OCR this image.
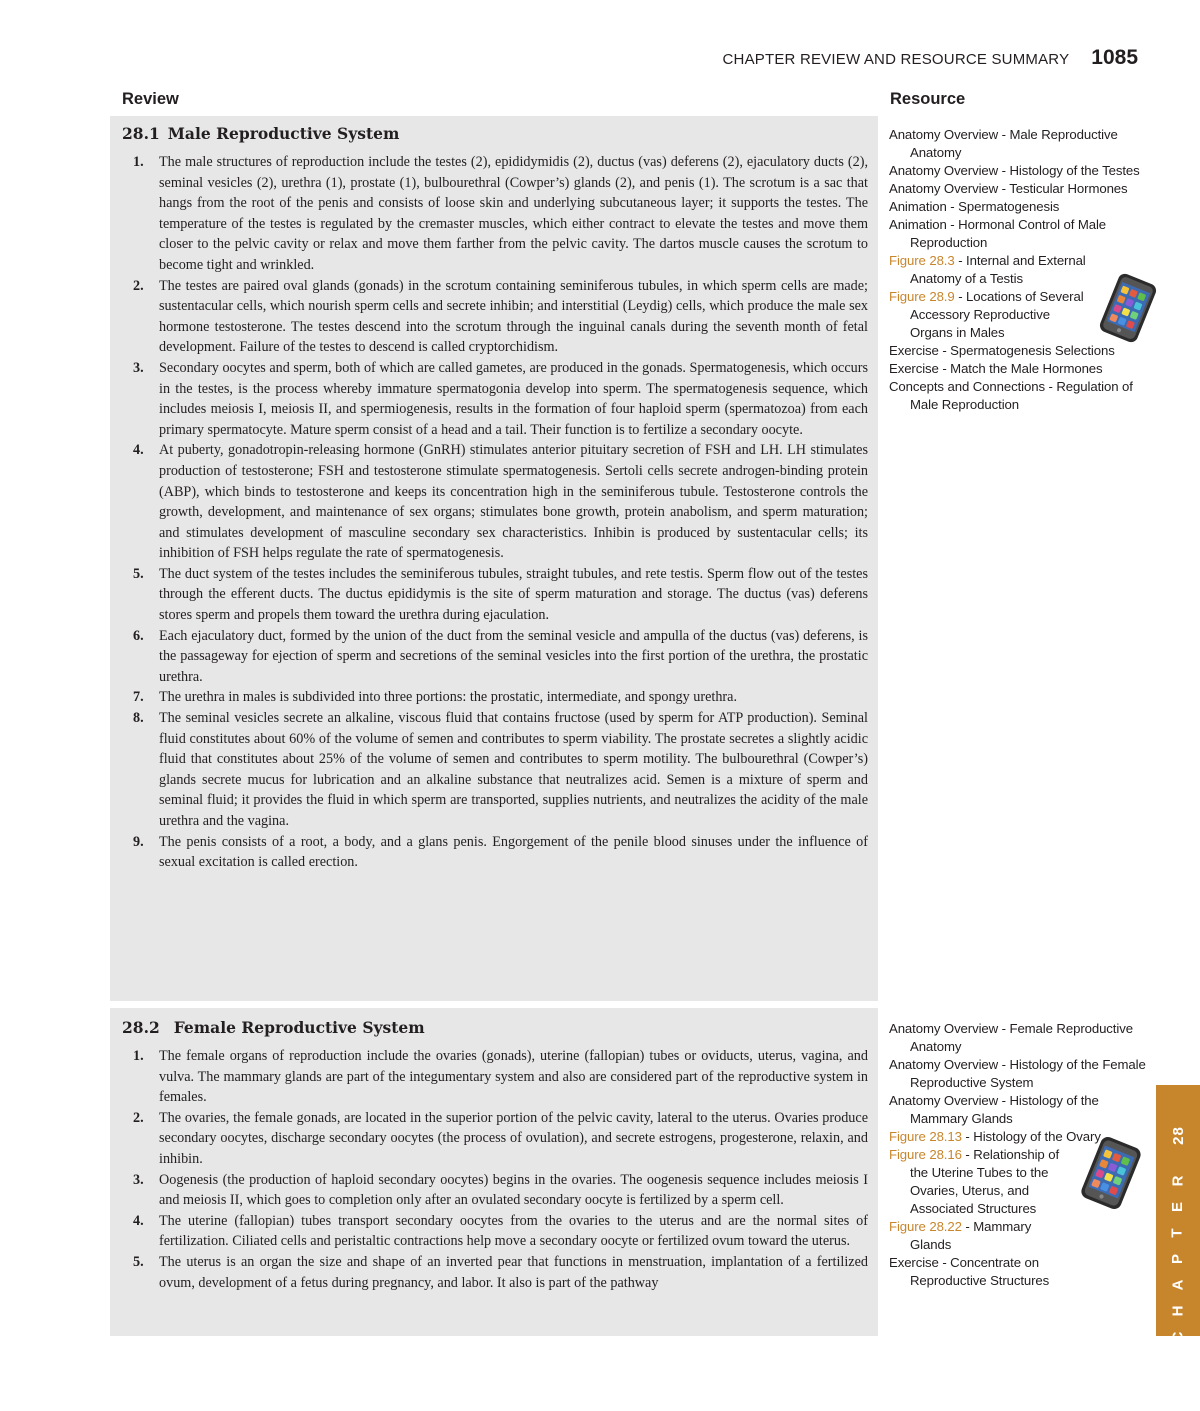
CHAPTER REVIEW AND RESOURCE SUMMARY 1085
Review	Resource
28.1 Male Reproductive System
1. The male structures of reproduction include the testes (2), epididymidis (2), ductus (vas) deferens (2), ejaculatory ducts (2), seminal vesicles (2), urethra (1), prostate (1), bulbourethral (Cowper’s) glands (2), and penis (1). The scrotum is a sac that hangs from the root of the penis and consists of loose skin and underlying subcutaneous layer; it supports the testes. The temperature of the testes is regulated by the cremaster muscles, which either contract to elevate the testes and move them closer to the pelvic cavity or relax and move them farther from the pelvic cavity. The dartos muscle causes the scrotum to become tight and wrinkled.
2. The testes are paired oval glands (gonads) in the scrotum containing seminiferous tubules, in which sperm cells are made; sustentacular cells, which nourish sperm cells and secrete inhibin; and interstitial (Leydig) cells, which produce the male sex hormone testosterone. The testes descend into the scrotum through the inguinal canals during the seventh month of fetal development. Failure of the testes to descend is called cryptorchidism.
3. Secondary oocytes and sperm, both of which are called gametes, are produced in the gonads. Spermatogenesis, which occurs in the testes, is the process whereby immature spermatogonia develop into sperm. The spermatogenesis sequence, which includes meiosis I, meiosis II, and spermiogenesis, results in the formation of four haploid sperm (spermatozoa) from each primary spermatocyte. Mature sperm consist of a head and a tail. Their function is to fertilize a secondary oocyte.
4. At puberty, gonadotropin-releasing hormone (GnRH) stimulates anterior pituitary secretion of FSH and LH. LH stimulates production of testosterone; FSH and testosterone stimulate spermatogenesis. Sertoli cells secrete androgen-binding protein (ABP), which binds to testosterone and keeps its concentration high in the seminiferous tubule. Testosterone controls the growth, development, and maintenance of sex organs; stimulates bone growth, protein anabolism, and sperm maturation; and stimulates development of masculine secondary sex characteristics. Inhibin is produced by sustentacular cells; its inhibition of FSH helps regulate the rate of spermatogenesis.
5. The duct system of the testes includes the seminiferous tubules, straight tubules, and rete testis. Sperm flow out of the testes through the efferent ducts. The ductus epididymis is the site of sperm maturation and storage. The ductus (vas) deferens stores sperm and propels them toward the urethra during ejaculation.
6. Each ejaculatory duct, formed by the union of the duct from the seminal vesicle and ampulla of the ductus (vas) deferens, is the passageway for ejection of sperm and secretions of the seminal vesicles into the first portion of the urethra, the prostatic urethra.
7. The urethra in males is subdivided into three portions: the prostatic, intermediate, and spongy urethra.
8. The seminal vesicles secrete an alkaline, viscous fluid that contains fructose (used by sperm for ATP production). Seminal fluid constitutes about 60% of the volume of semen and contributes to sperm viability. The prostate secretes a slightly acidic fluid that constitutes about 25% of the volume of semen and contributes to sperm motility. The bulbourethral (Cowper’s) glands secrete mucus for lubrication and an alkaline substance that neutralizes acid. Semen is a mixture of sperm and seminal fluid; it provides the fluid in which sperm are transported, supplies nutrients, and neutralizes the acidity of the male urethra and the vagina.
9. The penis consists of a root, a body, and a glans penis. Engorgement of the penile blood sinuses under the influence of sexual excitation is called erection.

Anatomy Overview - Male Reproductive Anatomy

Anatomy Overview - Histology of the Testes

Anatomy Overview - Testicular Hormones

Animation - Spermatogenesis

Animation - Hormonal Control of Male Reproduction

Figure 28.3 - Internal and External Anatomy of a Testis

Figure 28.9 - Locations of Several Accessory Reproductive Organs in Males

Exercise - Spermatogenesis Selections

Exercise - Match the Male Hormones

Concepts and Connections - Regulation of Male Reproduction

28.2 Female Reproductive System
1. The female organs of reproduction include the ovaries (gonads), uterine (fallopian) tubes or oviducts, uterus, vagina, and vulva. The mammary glands are part of the integumentary system and also are considered part of the reproductive system in females.
2. The ovaries, the female gonads, are located in the superior portion of the pelvic cavity, lateral to the uterus. Ovaries produce secondary oocytes, discharge secondary oocytes (the process of ovulation), and secrete estrogens, progesterone, relaxin, and inhibin.
3. Oogenesis (the production of haploid secondary oocytes) begins in the ovaries. The oogenesis sequence includes meiosis I and meiosis II, which goes to completion only after an ovulated secondary oocyte is fertilized by a sperm cell.
4. The uterine (fallopian) tubes transport secondary oocytes from the ovaries to the uterus and are the normal sites of fertilization. Ciliated cells and peristaltic contractions help move a secondary oocyte or fertilized ovum toward the uterus.
5. The uterus is an organ the size and shape of an inverted pear that functions in menstruation, implantation of a fertilized ovum, development of a fetus during pregnancy, and labor. It also is part of the pathway

Anatomy Overview - Female Reproductive Anatomy

Anatomy Overview - Histology of the Female Reproductive System

Anatomy Overview - Histology of the Mammary Glands

Figure 28.13 - Histology of the Ovary

Figure 28.16 - Relationship of the Uterine Tubes to the Ovaries, Uterus, and Associated Structures

Figure 28.22 - Mammary Glands

Exercise - Concentrate on Reproductive Structures

28
C
H
A
P
T
E
R
